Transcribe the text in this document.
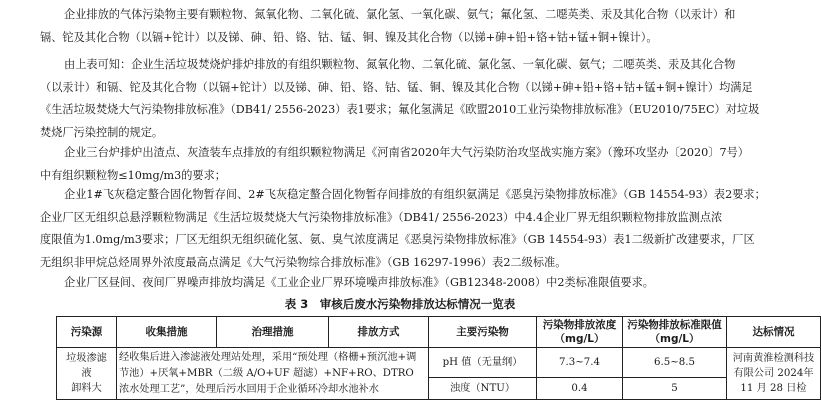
企业排放的气体污染物主要有颗粒物、氮氧化物、二氧化硫、氯化氢、一氧化碳、氨气；氟化氢、二噁英类、汞及其化合物（以汞计）和
镉、铊及其化合物（以镉+铊计）以及锑、砷、铅、铬、钴、锰、铜、镍及其化合物（以锑+砷+铅+铬+钴+锰+铜+镍计）。
由上表可知：企业生活垃圾焚烧炉排炉排放的有组织颗粒物、氮氧化物、二氧化硫、氯化氢、一氧化碳、氨气；二噁英类、汞及其化合物
（以汞计）和镉、铊及其化合物（以镉+铊计）以及锑、砷、铅、铬、钴、锰、铜、镍及其化合物（以锑+砷+铅+铬+钴+锰+铜+镍计）均满足
《生活垃圾焚烧大气污染物排放标准》（DB41/ 2556-2023）表1要求；氟化氢满足《欧盟2010工业污染物排放标准》（EU2010/75EC）对垃圾
焚烧厂污染控制的规定。
企业三台炉排炉出渣点、灰渣装车点排放的有组织颗粒物满足《河南省2020年大气污染防治攻坚战实施方案》（豫环攻坚办〔2020〕7号）
中有组织颗粒物≤10mg/m3的要求；
企业1#飞灰稳定螯合固化物暂存间、2#飞灰稳定螯合固化物暂存间排放的有组织氨满足《恶臭污染物排放标准》（GB 14554-93）表2要求；
企业厂区无组织总悬浮颗粒物满足《生活垃圾焚烧大气污染物排放标准》（DB41/ 2556-2023）中4.4企业厂界无组织颗粒物排放监测点浓
度限值为1.0mg/m3要求；厂区无组织无组织硫化氢、氨、臭气浓度满足《恶臭污染物排放标准》（GB 14554-93）表1二级新扩改建要求，厂区
无组织非甲烷总烃周界外浓度最高点满足《大气污染物综合排放标准》（GB 16297-1996）表2二级标准。
企业厂区昼间、夜间厂界噪声排放均满足《工业企业厂界环境噪声排放标准》（GB12348-2008）中2类标准限值要求。
表 3　审核后废水污染物排放达标情况一览表
污染源	收集措施	治理措施	排放方式	主要污染物	污染物排放浓度（mg/L）	污染物排放标准限值（mg/L）	达标情况
垃圾渗滤
液
卸料大	经收集后进入渗滤液处理站处理，采用“预处理（格栅+预沉池+调节池）+厌氧+MBR（二级 A/O+UF 超滤）+NF+RO、DTRO 浓水处理工艺”，处理后污水回用于企业循环冷却水池补水			pH 值（无量纲）	7.3~7.4	6.5~8.5	河南黄淮检测科技有限公司 2024年 11 月 28 日检
				浊度（NTU）	0.4	5	
